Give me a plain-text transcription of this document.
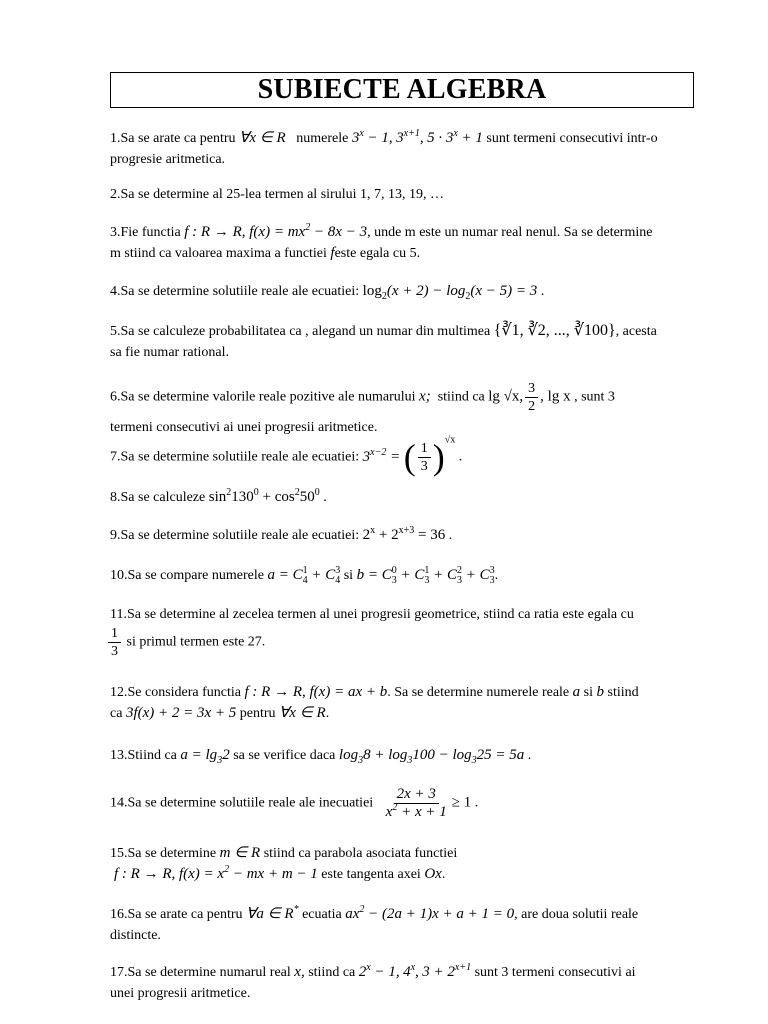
SUBIECTE ALGEBRA
1.Sa se arate ca pentru ∀x ∈ R numerele $3^x - 1$, $3^{x+1}$, $5 \cdot 3^x + 1$ sunt termeni consecutivi intr-o
progresie aritmetica.
2.Sa se determine al 25-lea termen al sirului 1, 7, 13, 19, …
3.Fie functia f : R → R, $f(x) = mx^2 - 8x - 3$, unde m este un numar real nenul. Sa se determine
m stiind ca valoarea maxima a functiei feste egala cu 5.
4.Sa se determine solutiile reale ale ecuatiei: $\log_2(x + 2) - \log_2(x - 5) = 3$ .
5.Sa se calculeze probabilitatea ca , alegand un numar din multimea {∛1, ∛2, ..., ∛100}, acesta
sa fie numar rational.
6.Sa se determine valorile reale pozitive ale numarului x; stiind ca lg √x, $\frac{3}{2}$ , lg x , sunt 3
termeni consecutivi ai unei progresii aritmetice.
7.Sa se determine solutiile reale ale ecuatiei: $3^{x-2}$ = ( $\frac{1}{3} )^{√x}$ .
8.Sa se calculeze $\sin^2130^0 + \cos^250^0$ .
9.Sa se determine solutiile reale ale ecuatiei: $2^x + 2^{x+3} = 36$ .
10.Sa se compare numerele a = C 1
4 + C 3
4 si b = C 0
3 + C 1
3 + C 2
3 + C 3
3 .
11.Sa se determine al zecelea termen al unei progresii geometrice, stiind ca ratia este egala cu
$\frac{1}{3}$ si primul termen este 27.
12.Se considera functia f : R → R, f(x) = ax + b. Sa se determine numerele reale a si b stiind
ca 3f(x) + 2 = 3x + 5 pentru ∀x ∈ R.
13.Stiind ca $a = \lg_32$ sa se verifice daca $\log_38 + \log_3100 - \log_325 = 5a$ .
14.Sa se determine solutiile reale ale inecuatiei $\frac{2x + 3}{x^2 + x + 1} \ge 1$ .
15.Sa se determine m ∈ R stiind ca parabola asociata functiei
f : R → R, $f(x) = x^2$ − mx + m − 1 este tangenta axei Ox.
16.Sa se arate ca pentru ∀a ∈ R* ecuatia $ax^2 - (2a + 1)x + a + 1 = 0$, are doua solutii reale
distincte.
17.Sa se determine numarul real x, stiind ca $2^x - 1$, 4$^x$, $3 + 2^{x+1}$ sunt 3 termeni consecutivi ai
unei progresii aritmetice.
